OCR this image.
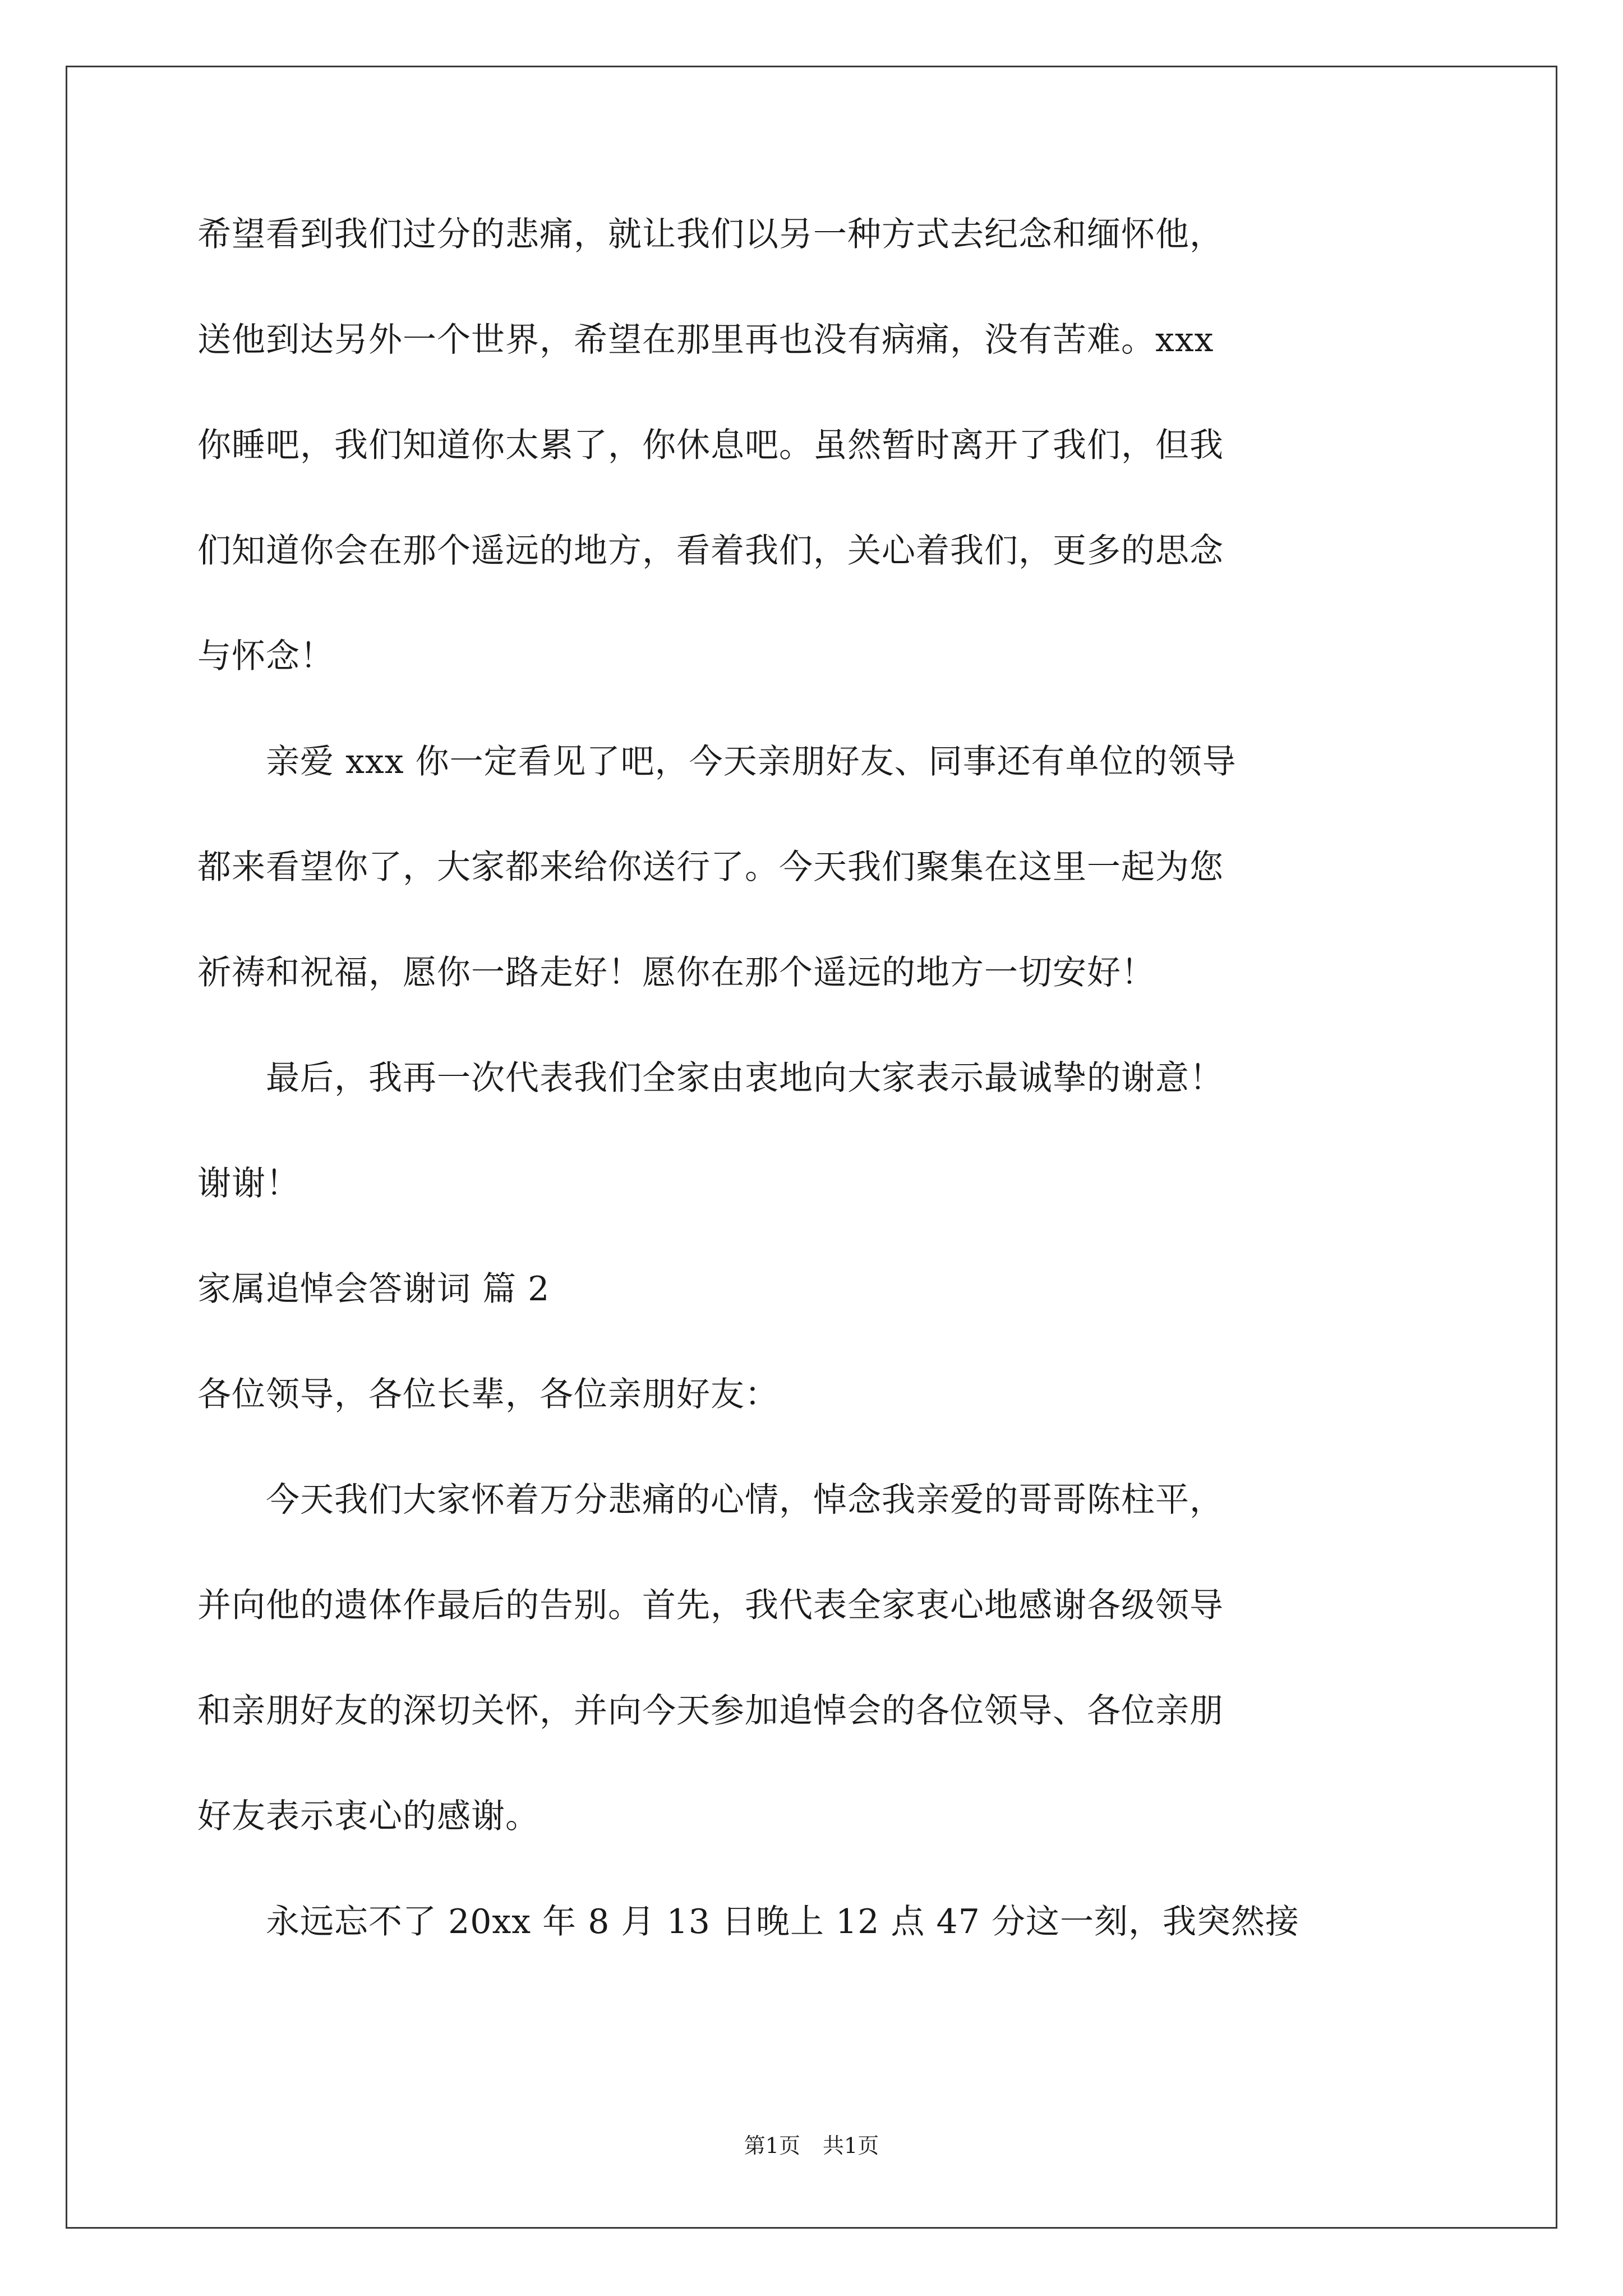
希望看到我们过分的悲痛，就让我们以另一种方式去纪念和缅怀他，
送他到达另外一个世界，希望在那里再也没有病痛，没有苦难。xxx
你睡吧，我们知道你太累了，你休息吧。虽然暂时离开了我们，但我
们知道你会在那个遥远的地方，看着我们，关心着我们，更多的思念
与怀念！
　　亲爱 xxx 你一定看见了吧，今天亲朋好友、同事还有单位的领导
都来看望你了，大家都来给你送行了。今天我们聚集在这里一起为您
祈祷和祝福，愿你一路走好！愿你在那个遥远的地方一切安好！
　　最后，我再一次代表我们全家由衷地向大家表示最诚挚的谢意！
谢谢！
家属追悼会答谢词 篇 2
各位领导，各位长辈，各位亲朋好友：
　　今天我们大家怀着万分悲痛的心情，悼念我亲爱的哥哥陈柱平，
并向他的遗体作最后的告别。首先，我代表全家衷心地感谢各级领导
和亲朋好友的深切关怀，并向今天参加追悼会的各位领导、各位亲朋
好友表示衷心的感谢。
　　永远忘不了 20xx 年 8 月 13 日晚上 12 点 47 分这一刻，我突然接
第1页 共1页
